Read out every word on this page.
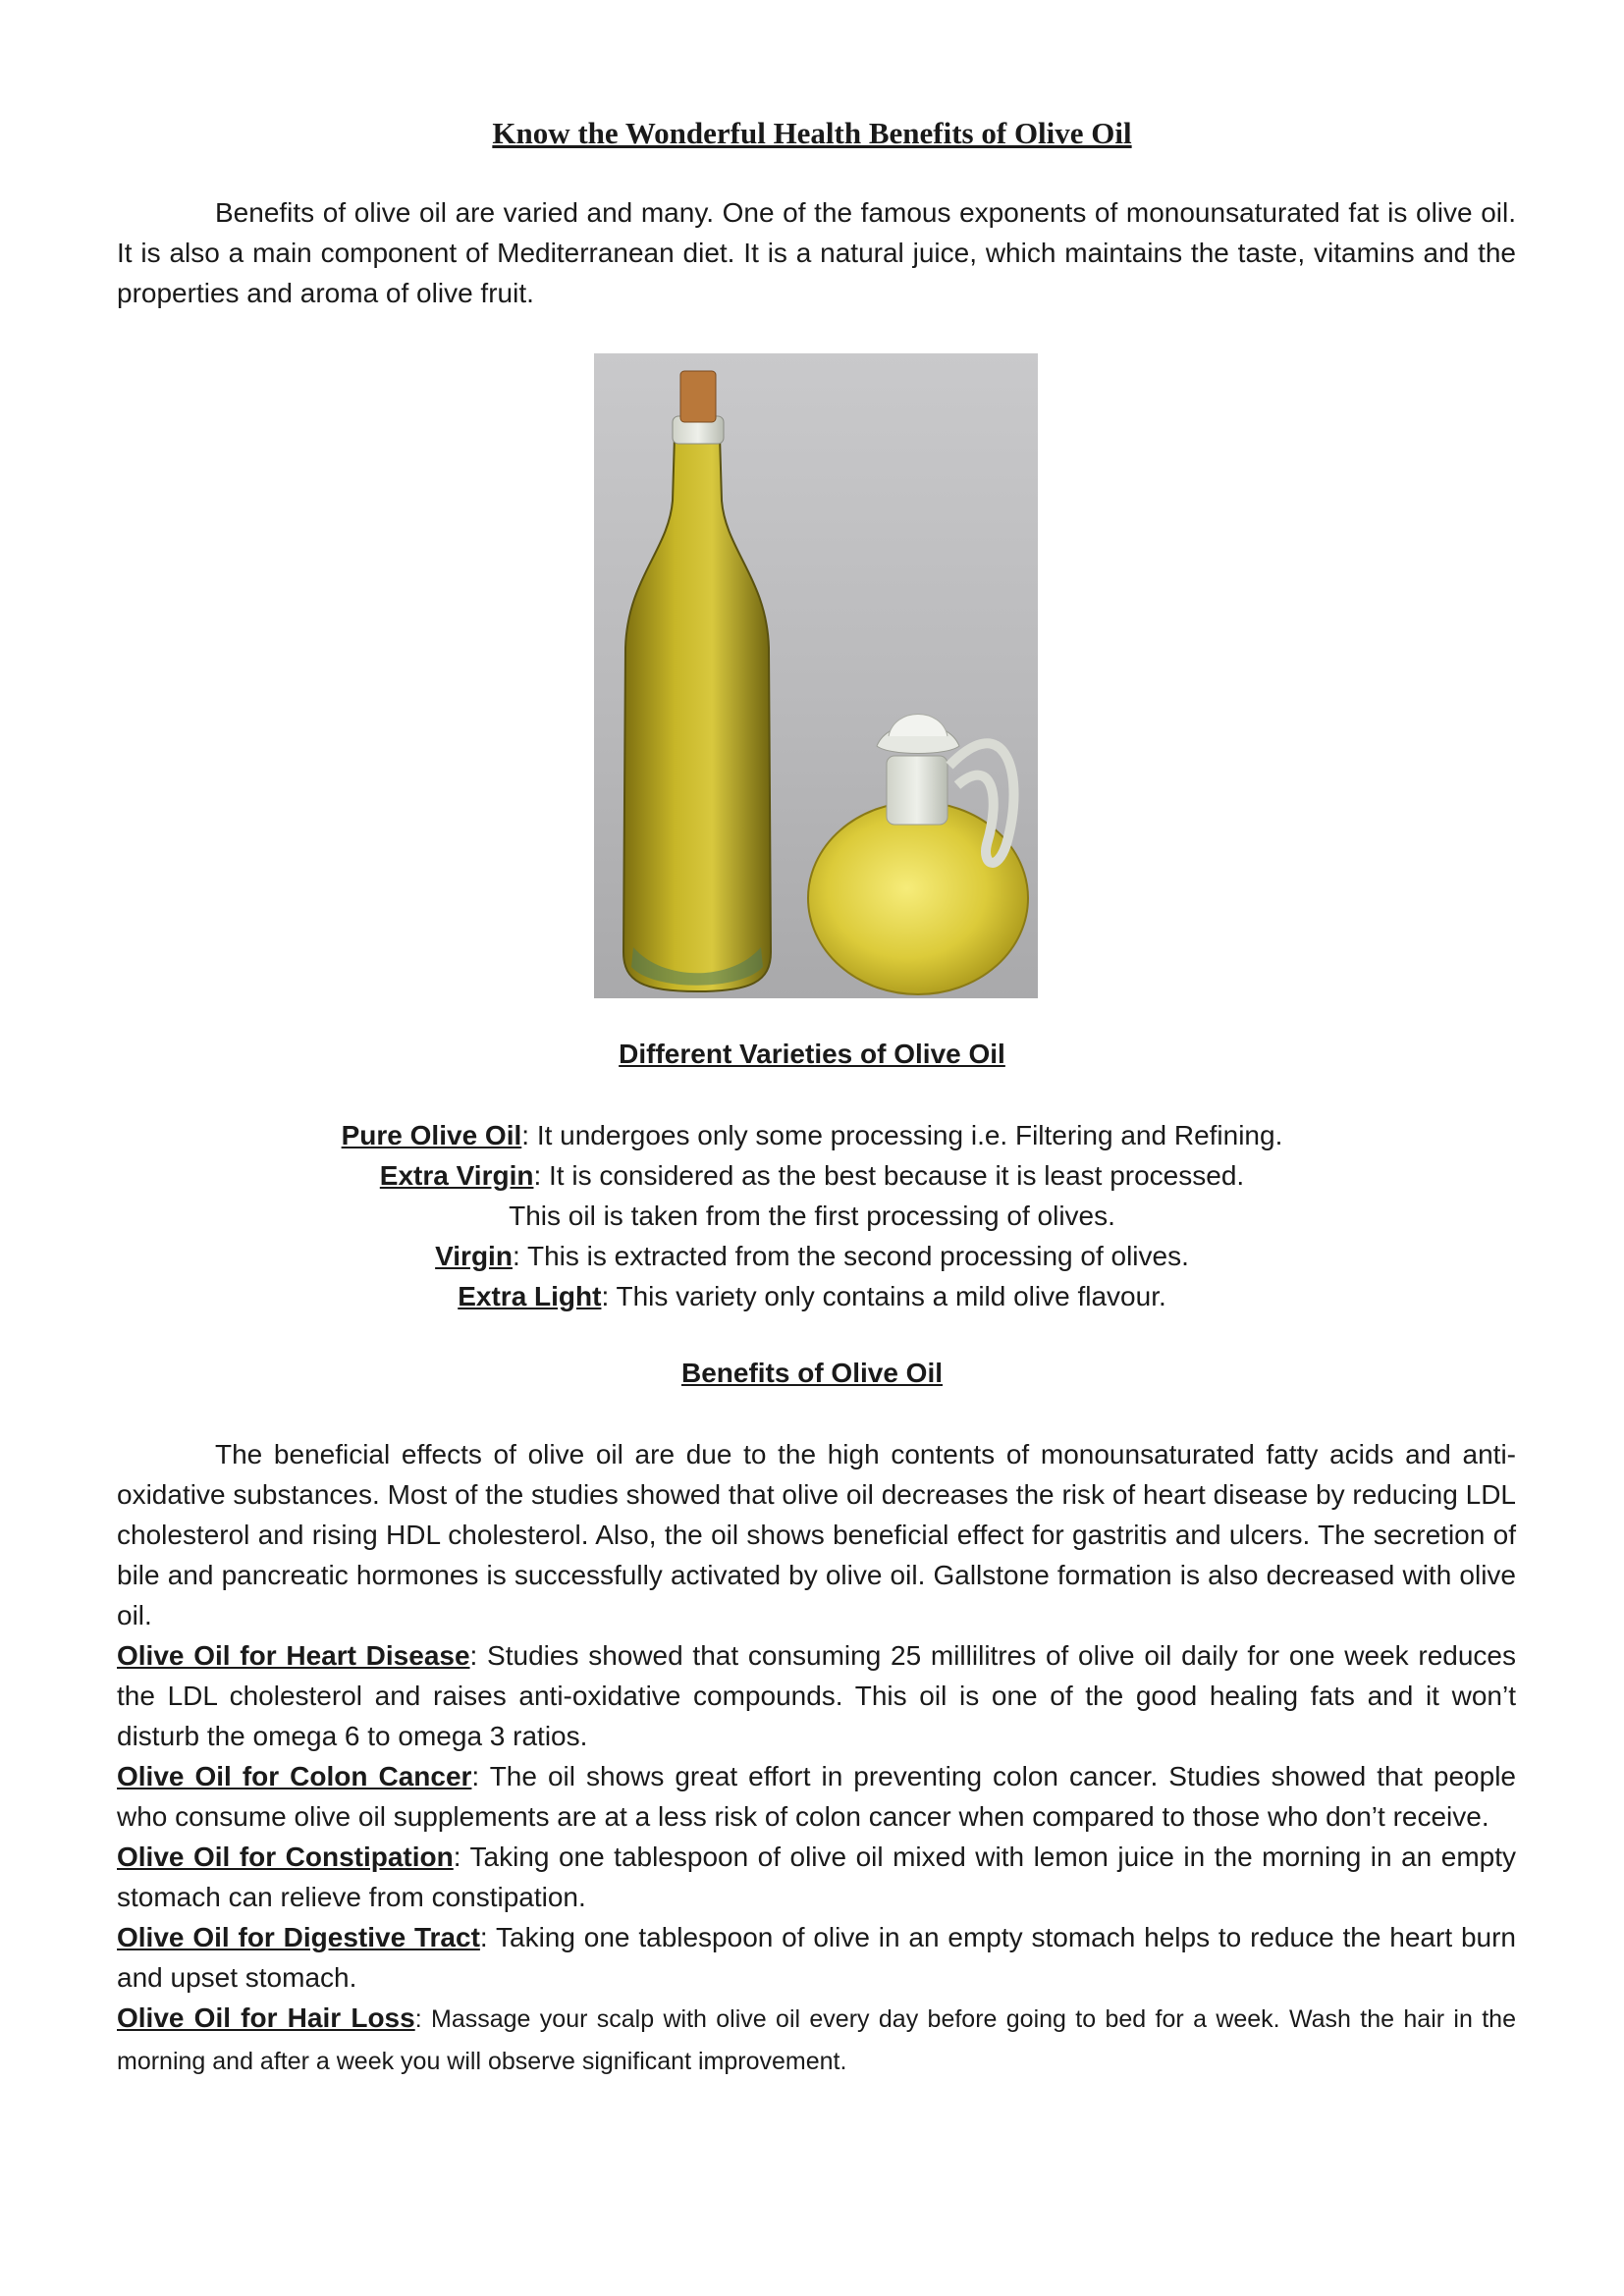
Know the Wonderful Health Benefits of Olive Oil

Benefits of olive oil are varied and many. One of the famous exponents of monounsaturated fat is olive oil. It is also a main component of Mediterranean diet. It is a natural juice, which maintains the taste, vitamins and the properties and aroma of olive fruit.

Different Varieties of Olive Oil
Pure Olive Oil: It undergoes only some processing i.e. Filtering and Refining.
Extra Virgin: It is considered as the best because it is least processed.
This oil is taken from the first processing of olives.
Virgin: This is extracted from the second processing of olives.
Extra Light: This variety only contains a mild olive flavour.
Benefits of Olive Oil

The beneficial effects of olive oil are due to the high contents of monounsaturated fatty acids and anti-oxidative substances. Most of the studies showed that olive oil decreases the risk of heart disease by reducing LDL cholesterol and rising HDL cholesterol. Also, the oil shows beneficial effect for gastritis and ulcers. The secretion of bile and pancreatic hormones is successfully activated by olive oil. Gallstone formation is also decreased with olive oil.

Olive Oil for Heart Disease: Studies showed that consuming 25 millilitres of olive oil daily for one week reduces the LDL cholesterol and raises anti-oxidative compounds. This oil is one of the good healing fats and it won’t disturb the omega 6 to omega 3 ratios.

Olive Oil for Colon Cancer: The oil shows great effort in preventing colon cancer. Studies showed that people who consume olive oil supplements are at a less risk of colon cancer when compared to those who don’t receive.

Olive Oil for Constipation: Taking one tablespoon of olive oil mixed with lemon juice in the morning in an empty stomach can relieve from constipation.

Olive Oil for Digestive Tract: Taking one tablespoon of olive in an empty stomach helps to reduce the heart burn and upset stomach.

Olive Oil for Hair Loss: Massage your scalp with olive oil every day before going to bed for a week. Wash the hair in the morning and after a week you will observe significant improvement.
